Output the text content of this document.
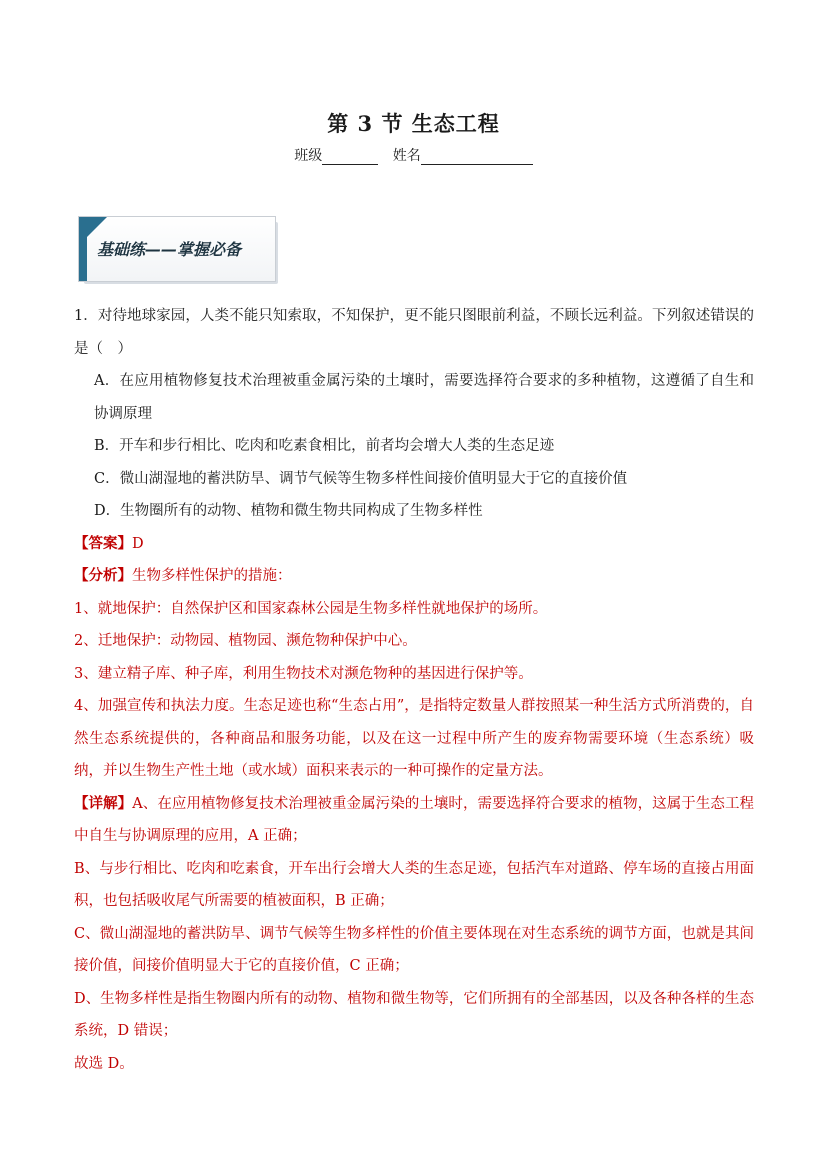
第 3 节 生态工程
班级	姓名
基础练——掌握必备

1．对待地球家园，人类不能只知索取，不知保护，更不能只图眼前利益，不顾长远利益。下列叙述错误的是（　）

A．在应用植物修复技术治理被重金属污染的土壤时，需要选择符合要求的多种植物，这遵循了自生和协调原理

B．开车和步行相比、吃肉和吃素食相比，前者均会增大人类的生态足迹

C．微山湖湿地的蓄洪防旱、调节气候等生物多样性间接价值明显大于它的直接价值

D．生物圈所有的动物、植物和微生物共同构成了生物多样性

【答案】D

【分析】生物多样性保护的措施：

1、就地保护：自然保护区和国家森林公园是生物多样性就地保护的场所。

2、迁地保护：动物园、植物园、濒危物种保护中心。

3、建立精子库、种子库，利用生物技术对濒危物种的基因进行保护等。

4、加强宣传和执法力度。生态足迹也称“生态占用”，是指特定数量人群按照某一种生活方式所消费的，自然生态系统提供的，各种商品和服务功能，以及在这一过程中所产生的废弃物需要环境（生态系统）吸纳，并以生物生产性土地（或水域）面积来表示的一种可操作的定量方法。

【详解】A、在应用植物修复技术治理被重金属污染的土壤时，需要选择符合要求的植物，这属于生态工程中自生与协调原理的应用，A 正确；

B、与步行相比、吃肉和吃素食，开车出行会增大人类的生态足迹，包括汽车对道路、停车场的直接占用面积，也包括吸收尾气所需要的植被面积，B 正确；

C、微山湖湿地的蓄洪防旱、调节气候等生物多样性的价值主要体现在对生态系统的调节方面，也就是其间接价值，间接价值明显大于它的直接价值，C 正确；

D、生物多样性是指生物圈内所有的动物、植物和微生物等，它们所拥有的全部基因，以及各种各样的生态系统，D 错误；

故选 D。
